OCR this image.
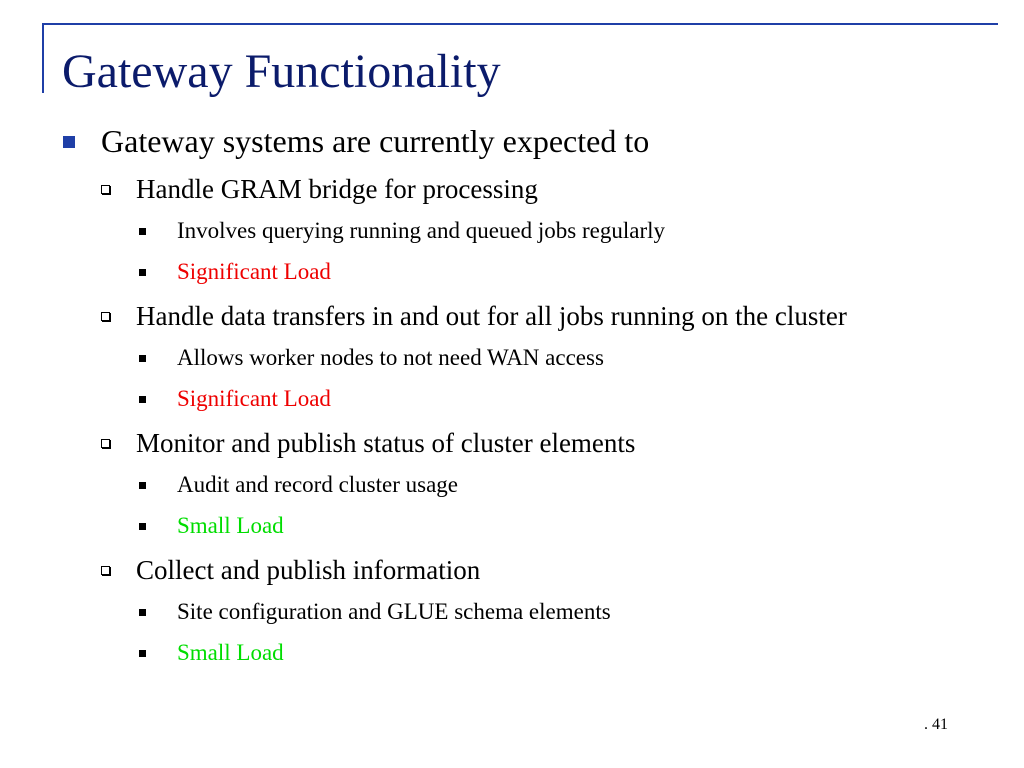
Gateway Functionality
Gateway systems are currently expected to
Handle GRAM bridge for processing
Involves querying running and queued jobs regularly
Significant Load
Handle data transfers in and out for all jobs running on the cluster
Allows worker nodes to not need WAN access
Significant Load
Monitor and publish status of cluster elements
Audit and record cluster usage
Small Load
Collect and publish information
Site configuration and GLUE schema elements
Small Load
. 41
